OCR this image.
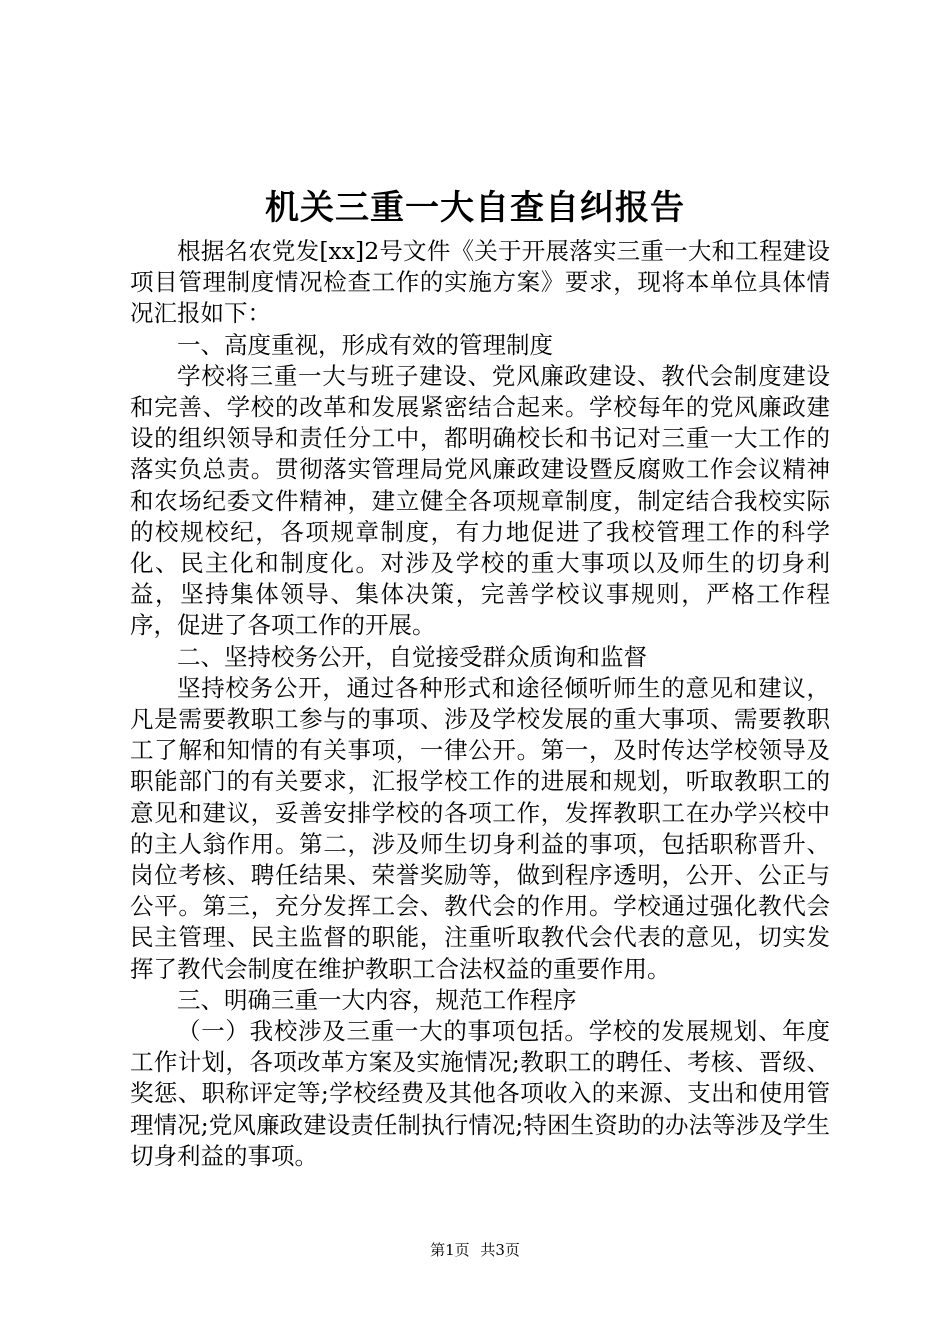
机关三重一大自查自纠报告

根据名农党发[xx]2号文件《关于开展落实三重一大和工程建设项目管理制度情况检查工作的实施方案》要求，现将本单位具体情况汇报如下：

一、高度重视，形成有效的管理制度

学校将三重一大与班子建设、党风廉政建设、教代会制度建设和完善、学校的改革和发展紧密结合起来。学校每年的党风廉政建设的组织领导和责任分工中，都明确校长和书记对三重一大工作的落实负总责。贯彻落实管理局党风廉政建设暨反腐败工作会议精神和农场纪委文件精神，建立健全各项规章制度，制定结合我校实际的校规校纪，各项规章制度，有力地促进了我校管理工作的科学化、民主化和制度化。对涉及学校的重大事项以及师生的切身利益，坚持集体领导、集体决策，完善学校议事规则，严格工作程序，促进了各项工作的开展。

二、坚持校务公开，自觉接受群众质询和监督

坚持校务公开，通过各种形式和途径倾听师生的意见和建议，凡是需要教职工参与的事项、涉及学校发展的重大事项、需要教职工了解和知情的有关事项，一律公开。第一，及时传达学校领导及职能部门的有关要求，汇报学校工作的进展和规划，听取教职工的意见和建议，妥善安排学校的各项工作，发挥教职工在办学兴校中的主人翁作用。第二，涉及师生切身利益的事项，包括职称晋升、岗位考核、聘任结果、荣誉奖励等，做到程序透明，公开、公正与公平。第三，充分发挥工会、教代会的作用。学校通过强化教代会民主管理、民主监督的职能，注重听取教代会代表的意见，切实发挥了教代会制度在维护教职工合法权益的重要作用。

三、明确三重一大内容，规范工作程序

（一）我校涉及三重一大的事项包括。学校的发展规划、年度工作计划，各项改革方案及实施情况;教职工的聘任、考核、晋级、奖惩、职称评定等;学校经费及其他各项收入的来源、支出和使用管理情况;党风廉政建设责任制执行情况;特困生资助的办法等涉及学生切身利益的事项。

第1页 共3页
